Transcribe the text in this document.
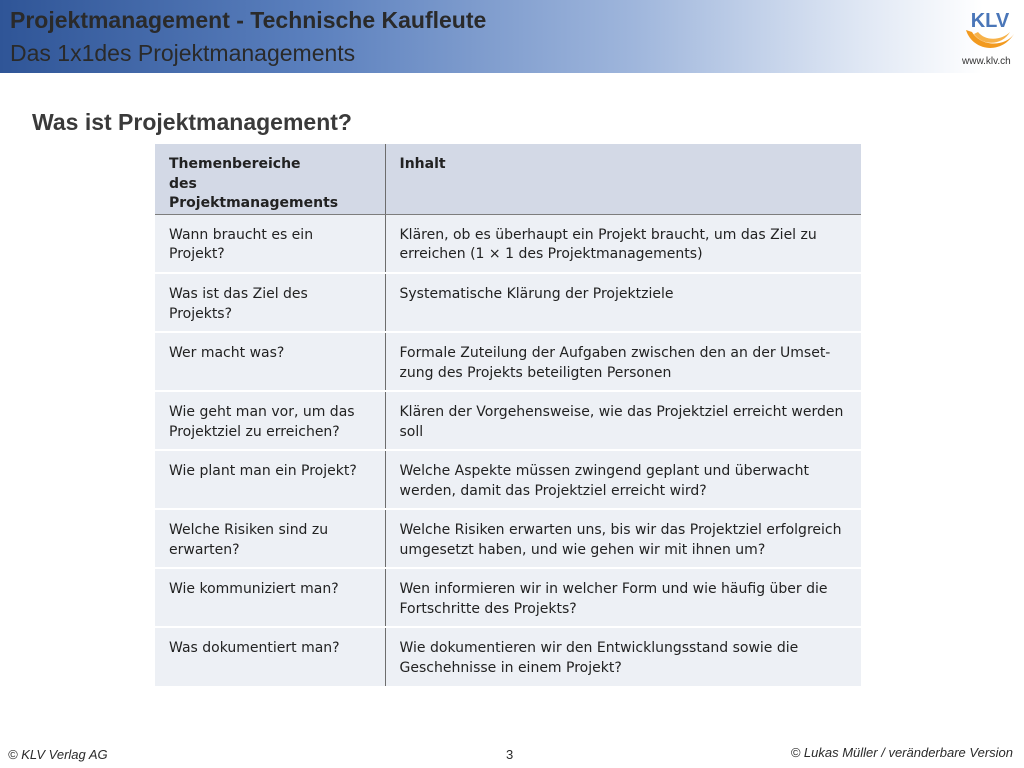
Projektmanagement - Technische Kaufleute
Das 1x1des Projektmanagements
KLV
www.klv.ch
Was ist Projektmanagement?
Themenbereiche
des Projektmanagements	Inhalt

Wann braucht es ein
Projekt?	Klären, ob es überhaupt ein Projekt braucht, um das Ziel zu
erreichen (1 × 1 des Projektmanagements)

Was ist das Ziel des
Projekts?	Systematische Klärung der Projektziele

Wer macht was?	Formale Zuteilung der Aufgaben zwischen den an der Umset-
zung des Projekts beteiligten Personen

Wie geht man vor, um das
Projektziel zu erreichen?	Klären der Vorgehensweise, wie das Projektziel erreicht werden
soll

Wie plant man ein Projekt?	Welche Aspekte müssen zwingend geplant und überwacht
werden, damit das Projektziel erreicht wird?

Welche Risiken sind zu
erwarten?	Welche Risiken erwarten uns, bis wir das Projektziel erfolgreich
umgesetzt haben, und wie gehen wir mit ihnen um?

Wie kommuniziert man?	Wen informieren wir in welcher Form und wie häufig über die
Fortschritte des Projekts?

Was dokumentiert man?	Wie dokumentieren wir den Entwicklungsstand sowie die
Geschehnisse in einem Projekt?
© KLV Verlag AG	3	© Lukas Müller / veränderbare Version
